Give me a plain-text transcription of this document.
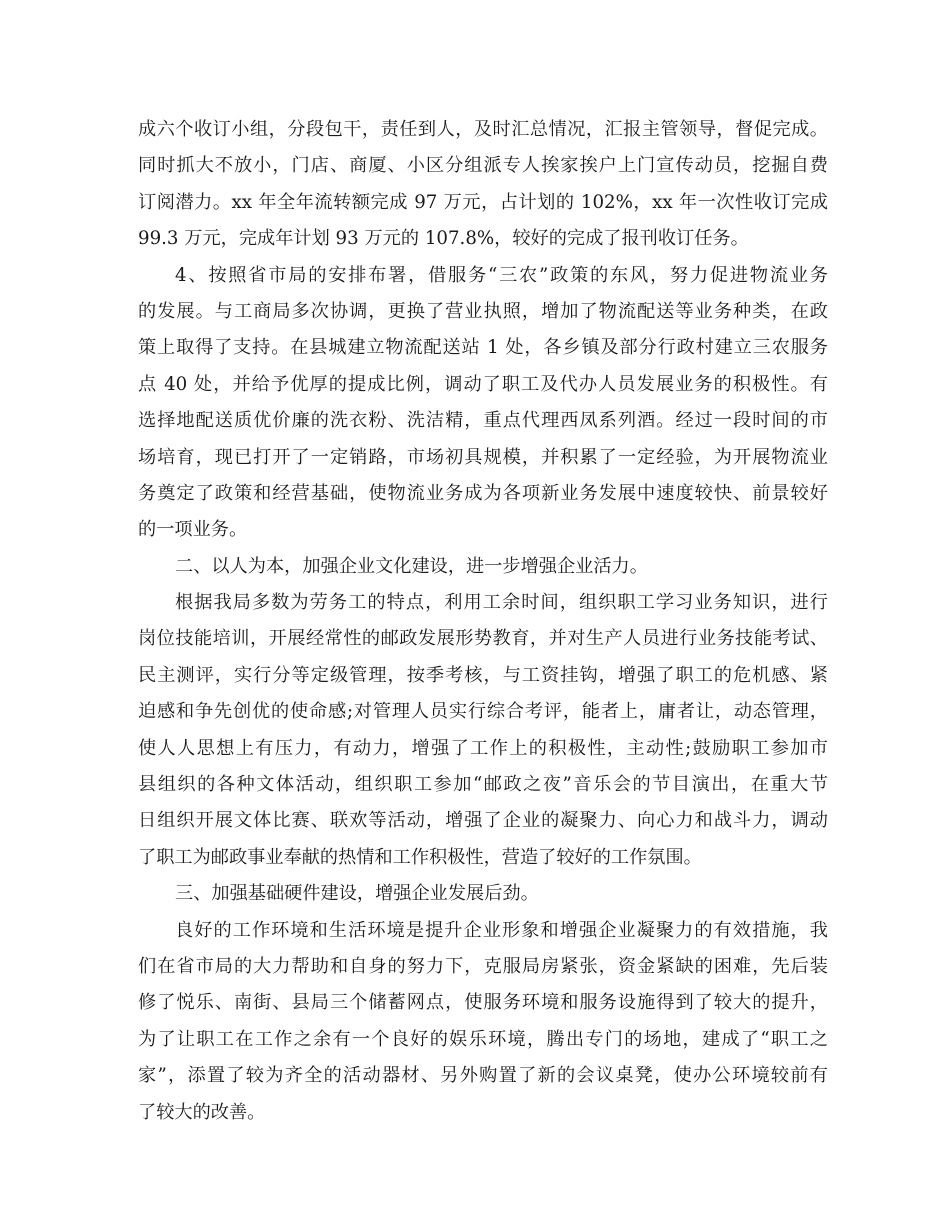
成六个收订小组，分段包干，责任到人，及时汇总情况，汇报主管领导，督促完成。
同时抓大不放小，门店、商厦、小区分组派专人挨家挨户上门宣传动员，挖掘自费
订阅潜力。xx 年全年流转额完成 97 万元，占计划的 102%，xx 年一次性收订完成
99.3 万元，完成年计划 93 万元的 107.8%，较好的完成了报刊收订任务。
4、按照省市局的安排布署，借服务“三农”政策的东风，努力促进物流业务
的发展。与工商局多次协调，更换了营业执照，增加了物流配送等业务种类，在政
策上取得了支持。在县城建立物流配送站 1 处，各乡镇及部分行政村建立三农服务
点 40 处，并给予优厚的提成比例，调动了职工及代办人员发展业务的积极性。有
选择地配送质优价廉的洗衣粉、洗洁精，重点代理西凤系列酒。经过一段时间的市
场培育，现已打开了一定销路，市场初具规模，并积累了一定经验，为开展物流业
务奠定了政策和经营基础，使物流业务成为各项新业务发展中速度较快、前景较好
的一项业务。
二、以人为本，加强企业文化建设，进一步增强企业活力。
根据我局多数为劳务工的特点，利用工余时间，组织职工学习业务知识，进行
岗位技能培训，开展经常性的邮政发展形势教育，并对生产人员进行业务技能考试、
民主测评，实行分等定级管理，按季考核，与工资挂钩，增强了职工的危机感、紧
迫感和争先创优的使命感;对管理人员实行综合考评，能者上，庸者让，动态管理，
使人人思想上有压力，有动力，增强了工作上的积极性，主动性;鼓励职工参加市
县组织的各种文体活动，组织职工参加“邮政之夜”音乐会的节目演出，在重大节
日组织开展文体比赛、联欢等活动，增强了企业的凝聚力、向心力和战斗力，调动
了职工为邮政事业奉献的热情和工作积极性，营造了较好的工作氛围。
三、加强基础硬件建设，增强企业发展后劲。
良好的工作环境和生活环境是提升企业形象和增强企业凝聚力的有效措施，我
们在省市局的大力帮助和自身的努力下，克服局房紧张，资金紧缺的困难，先后装
修了悦乐、南街、县局三个储蓄网点，使服务环境和服务设施得到了较大的提升，
为了让职工在工作之余有一个良好的娱乐环境，腾出专门的场地，建成了“职工之
家”，添置了较为齐全的活动器材、另外购置了新的会议桌凳，使办公环境较前有
了较大的改善。
